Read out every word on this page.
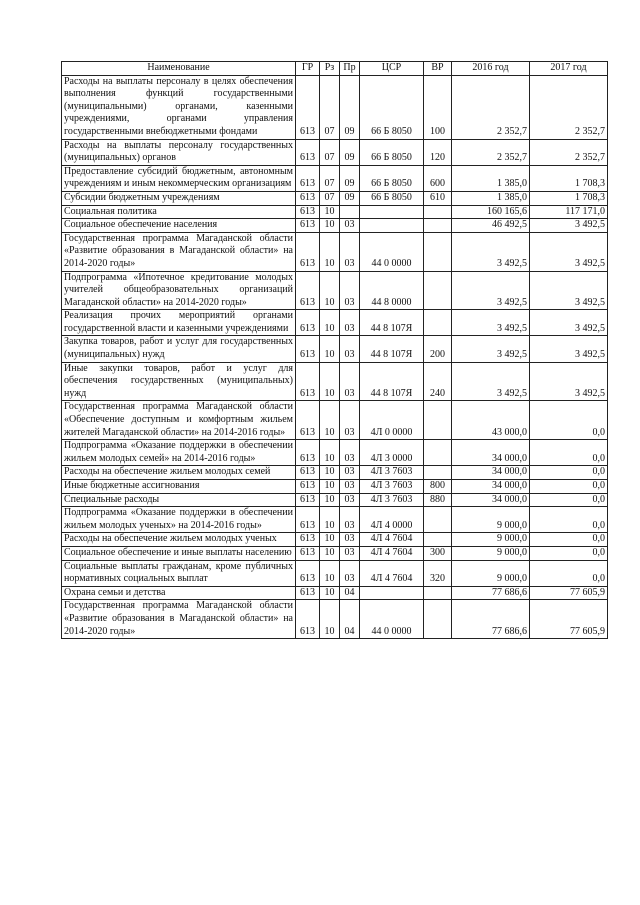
Наименование	ГР	Рз	Пр	ЦСР	ВР	2016 год	2017 год
Расходы на выплаты персоналу в целях обеспечения выполнения функций государственными (муниципальными) органами, казенными учреждениями, органами управления государственными внебюджетными фондами	613	07	09	66 Б 8050	100	2 352,7	2 352,7
Расходы на выплаты персоналу государственных (муниципальных) органов	613	07	09	66 Б 8050	120	2 352,7	2 352,7
Предоставление субсидий бюджетным, автономным учреждениям и иным некоммерческим организациям	613	07	09	66 Б 8050	600	1 385,0	1 708,3
Субсидии бюджетным учреждениям	613	07	09	66 Б 8050	610	1 385,0	1 708,3
Социальная политика	613	10				160 165,6	117 171,0
Социальное обеспечение населения	613	10	03			46 492,5	3 492,5
Государственная программа Магаданской области «Развитие образования в Магаданской области» на 2014-2020 годы»	613	10	03	44 0 0000		3 492,5	3 492,5
Подпрограмма «Ипотечное кредитование молодых учителей общеобразовательных организаций Магаданской области» на 2014-2020 годы»	613	10	03	44 8 0000		3 492,5	3 492,5
Реализация прочих мероприятий органами государственной власти и казенными учреждениями	613	10	03	44 8 107Я		3 492,5	3 492,5
Закупка товаров, работ и услуг для государственных (муниципальных) нужд	613	10	03	44 8 107Я	200	3 492,5	3 492,5
Иные закупки товаров, работ и услуг для обеспечения государственных (муниципальных) нужд	613	10	03	44 8 107Я	240	3 492,5	3 492,5
Государственная программа Магаданской области «Обеспечение доступным и комфортным жильем жителей Магаданской области» на 2014-2016 годы»	613	10	03	4Л 0 0000		43 000,0	0,0
Подпрограмма «Оказание поддержки в обеспечении жильем молодых семей» на 2014-2016 годы»	613	10	03	4Л 3 0000		34 000,0	0,0
Расходы на обеспечение жильем молодых семей	613	10	03	4Л 3 7603		34 000,0	0,0
Иные бюджетные ассигнования	613	10	03	4Л 3 7603	800	34 000,0	0,0
Специальные расходы	613	10	03	4Л 3 7603	880	34 000,0	0,0
Подпрограмма «Оказание поддержки в обеспечении жильем молодых ученых» на 2014-2016 годы»	613	10	03	4Л 4 0000		9 000,0	0,0
Расходы на обеспечение жильем молодых ученых	613	10	03	4Л 4 7604		9 000,0	0,0
Социальное обеспечение и иные выплаты населению	613	10	03	4Л 4 7604	300	9 000,0	0,0
Социальные выплаты гражданам, кроме публичных нормативных социальных выплат	613	10	03	4Л 4 7604	320	9 000,0	0,0
Охрана семьи и детства	613	10	04			77 686,6	77 605,9
Государственная программа Магаданской области «Развитие образования в Магаданской области» на 2014-2020 годы»	613	10	04	44 0 0000		77 686,6	77 605,9
